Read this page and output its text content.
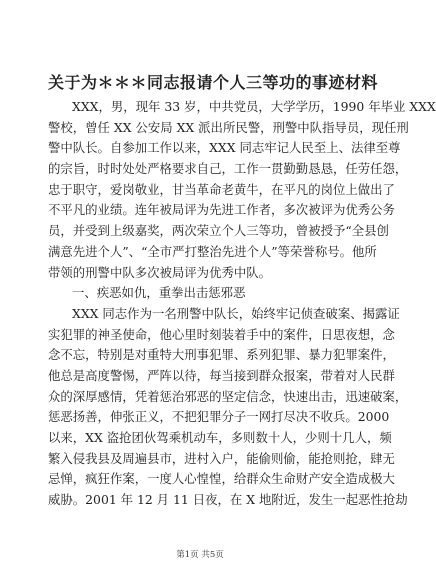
关于为＊＊＊同志报请个人三等功的事迹材料
XXX，男，现年 33 岁，中共党员，大学学历，1990 年毕业 XXX
警校，曾任 XX 公安局 XX 派出所民警，刑警中队指导员，现任刑
警中队长。自参加工作以来，XXX 同志牢记人民至上、法律至尊
的宗旨，时时处处严格要求自己，工作一贯勤勤恳恳，任劳任怨，
忠于职守，爱岗敬业，甘当革命老黄牛，在平凡的岗位上做出了
不平凡的业绩。连年被局评为先进工作者，多次被评为优秀公务
员，并受到上级嘉奖，两次荣立个人三等功，曾被授予“全县创
满意先进个人”、“全市严打整治先进个人”等荣誉称号。他所
带领的刑警中队多次被局评为优秀中队。
一、疾恶如仇，重拳出击惩邪恶
XXX 同志作为一名刑警中队长，始终牢记侦查破案、揭露证
实犯罪的神圣使命，他心里时刻装着手中的案件，日思夜想，念
念不忘，特别是对重特大刑事犯罪、系列犯罪、暴力犯罪案件，
他总是高度警惕，严阵以待，每当接到群众报案，带着对人民群
众的深厚感情，凭着惩治邪恶的坚定信念，快速出击，迅速破案，
惩恶扬善，伸张正义，不把犯罪分子一网打尽决不收兵。2000
以来，XX 盗抢团伙驾乘机动车，多则数十人，少则十几人，频
繁入侵我县及周遍县市，进村入户，能偷则偷，能抢则抢，肆无
忌惮，疯狂作案，一度人心惶惶，给群众生命财产安全造成极大
威胁。2001 年 12 月 11 日夜，在 X 地附近，发生一起恶性抢劫
第1页 共5页
